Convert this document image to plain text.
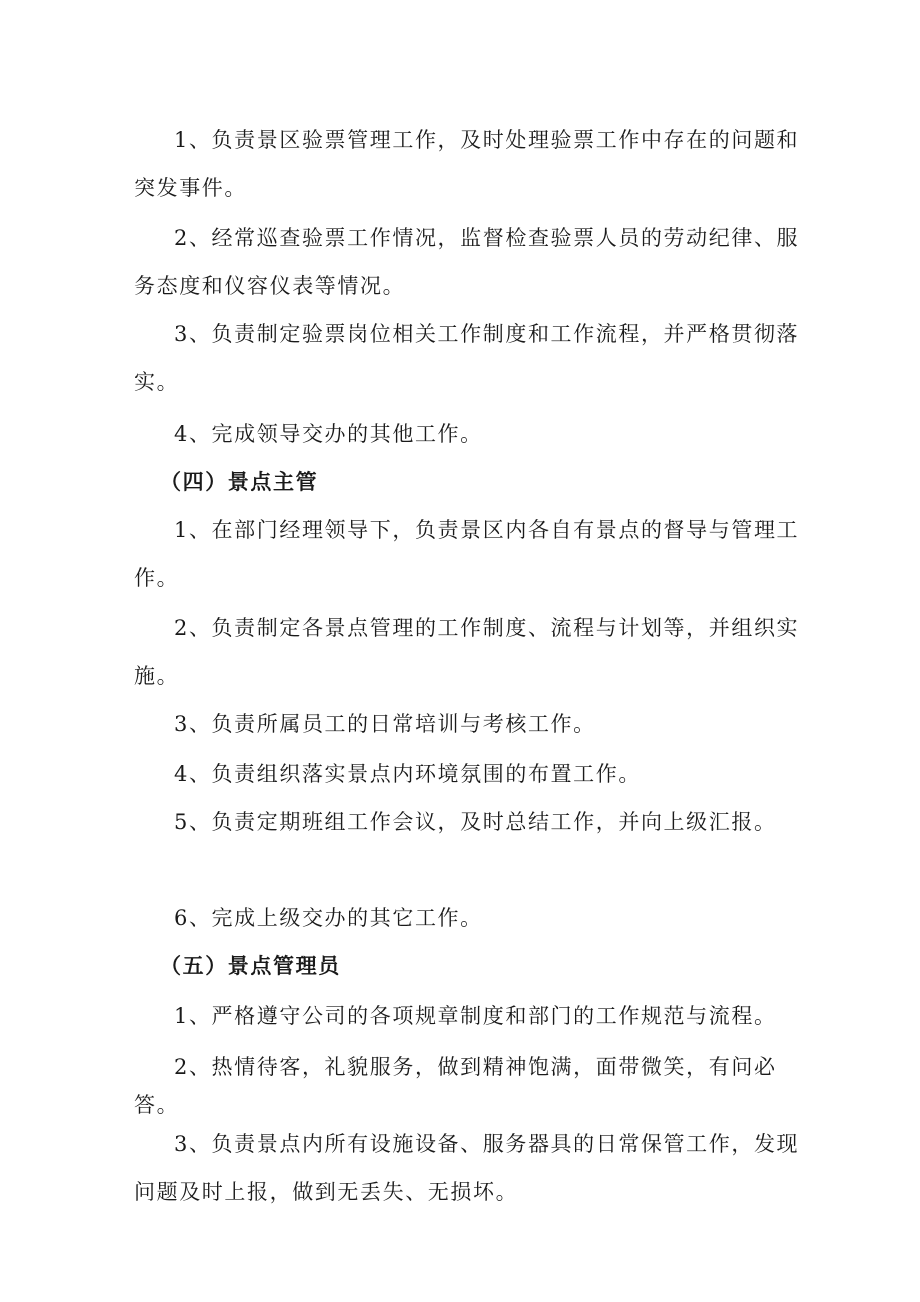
1、负责景区验票管理工作，及时处理验票工作中存在的问题和突发事件。

2、经常巡查验票工作情况，监督检查验票人员的劳动纪律、服务态度和仪容仪表等情况。

3、负责制定验票岗位相关工作制度和工作流程，并严格贯彻落实。

4、完成领导交办的其他工作。

（四）景点主管

1、在部门经理领导下，负责景区内各自有景点的督导与管理工作。

2、负责制定各景点管理的工作制度、流程与计划等，并组织实施。

3、负责所属员工的日常培训与考核工作。

4、负责组织落实景点内环境氛围的布置工作。

5、负责定期班组工作会议，及时总结工作，并向上级汇报。

6、完成上级交办的其它工作。

（五）景点管理员

1、严格遵守公司的各项规章制度和部门的工作规范与流程。

2、热情待客，礼貌服务，做到精神饱满，面带微笑，有问必答。

3、负责景点内所有设施设备、服务器具的日常保管工作，发现问题及时上报，做到无丢失、无损坏。
